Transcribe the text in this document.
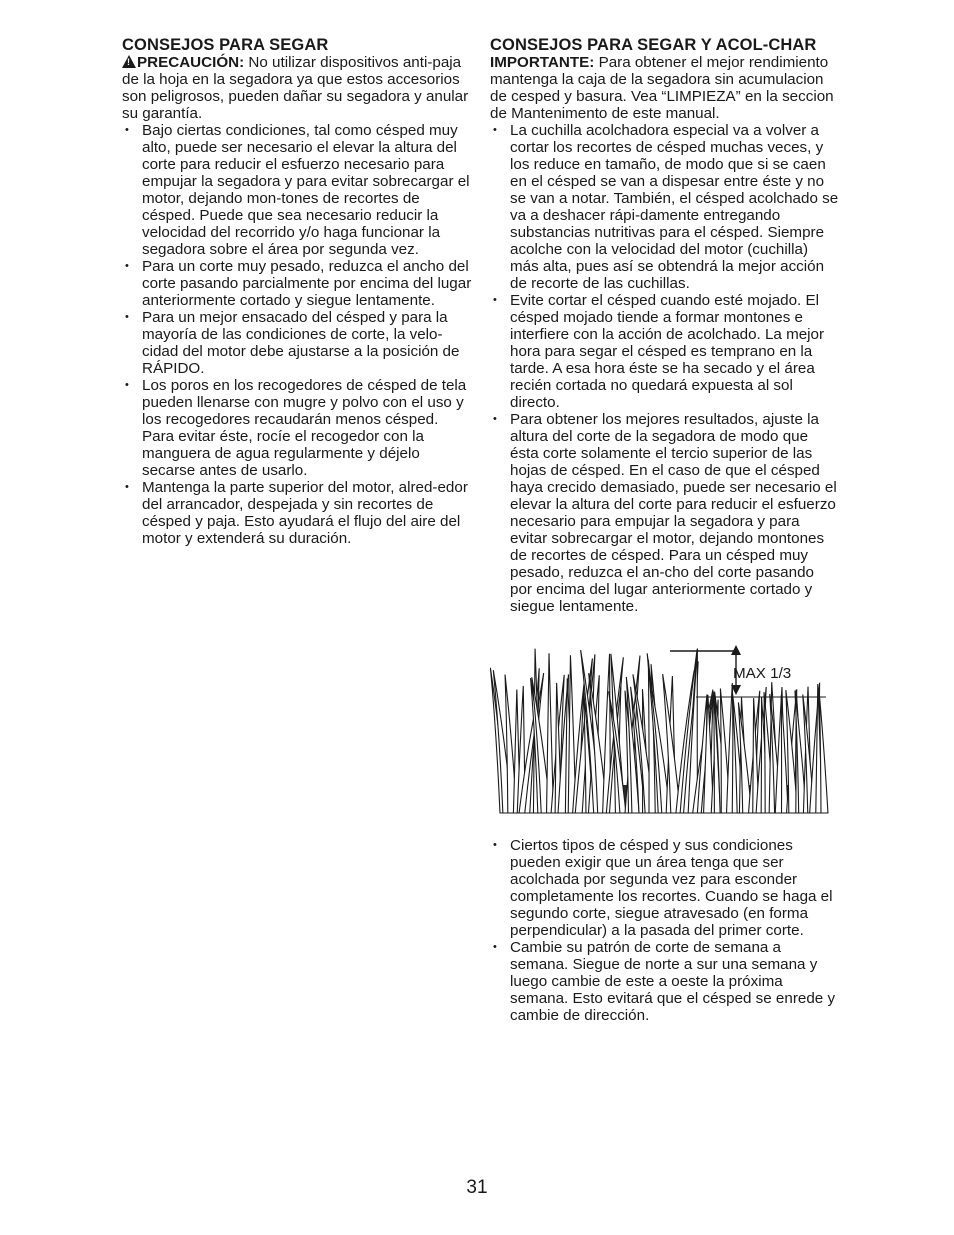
CONSEJOS PARA SEGAR

!PRECAUCIÓN: No utilizar dispositivos anti-paja de la hoja en la segadora ya que estos accesorios son peligrosos, pueden dañar su segadora y anular su garantía.

• Bajo ciertas condiciones, tal como césped muy alto, puede ser necesario el elevar la altura del corte para reducir el esfuerzo necesario para empujar la segadora y para evitar sobrecargar el motor, dejando mon-tones de recortes de césped. Puede que sea necesario reducir la velocidad del recorrido y/o haga funcionar la segadora sobre el área por segunda vez.
• Para un corte muy pesado, reduzca el ancho del corte pasando parcialmente por encima del lugar anteriormente cortado y siegue lentamente.
• Para un mejor ensacado del césped y para la mayoría de las condiciones de corte, la velo-cidad del motor debe ajustarse a la posición de RÁPIDO.
• Los poros en los recogedores de césped de tela pueden llenarse con mugre y polvo con el uso y los recogedores recaudarán menos césped. Para evitar éste, rocíe el recogedor con la manguera de agua regularmente y déjelo secarse antes de usarlo.
• Mantenga la parte superior del motor, alred-edor del arrancador, despejada y sin recortes de césped y paja. Esto ayudará el flujo del aire del motor y extenderá su duración.
CONSEJOS PARA SEGAR Y ACOL-CHAR

IMPORTANTE: Para obtener el mejor rendimiento mantenga la caja de la segadora sin acumulacion de cesped y basura. Vea “LIMPIEZA” en la seccion de Mantenimento de este manual.

• La cuchilla acolchadora especial va a volver a cortar los recortes de césped muchas veces, y los reduce en tamaño, de modo que si se caen en el césped se van a dispesar entre éste y no se van a notar. También, el césped acolchado se va a deshacer rápi-damente entregando substancias nutritivas para el césped. Siempre acolche con la velocidad del motor (cuchilla) más alta, pues así se obtendrá la mejor acción de recorte de las cuchillas.
• Evite cortar el césped cuando esté mojado. El césped mojado tiende a formar montones e interfiere con la acción de acolchado. La mejor hora para segar el césped es temprano en la tarde. A esa hora éste se ha secado y el área recién cortada no quedará expuesta al sol directo.
• Para obtener los mejores resultados, ajuste la altura del corte de la segadora de modo que ésta corte solamente el tercio superior de las hojas de césped. En el caso de que el césped haya crecido demasiado, puede ser necesario el elevar la altura del corte para reducir el esfuerzo necesario para empujar la segadora y para evitar sobrecargar el motor, dejando montones de recortes de césped. Para un césped muy pesado, reduzca el an-cho del corte pasando por encima del lugar anteriormente cortado y siegue lentamente.
MAX 1/3
• Ciertos tipos de césped y sus condiciones pueden exigir que un área tenga que ser acolchada por segunda vez para esconder completamente los recortes. Cuando se haga el segundo corte, siegue atravesado (en forma perpendicular) a la pasada del primer corte.
• Cambie su patrón de corte de semana a semana. Siegue de norte a sur una semana y luego cambie de este a oeste la próxima semana. Esto evitará que el césped se enrede y cambie de dirección.
31
